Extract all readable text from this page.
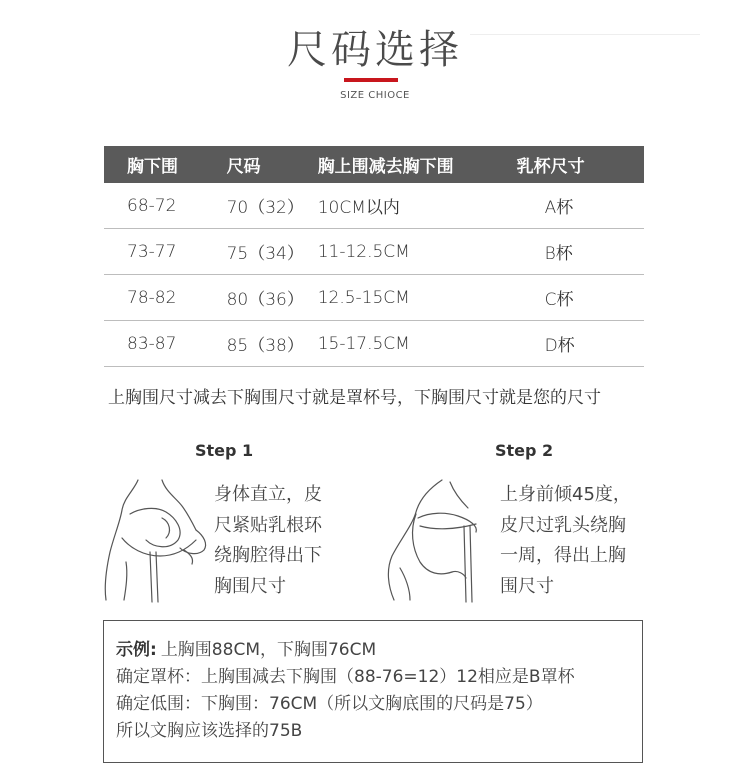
尺码选择
SIZE CHIOCE
胸下围	尺码	胸上围减去胸下围	乳杯尺寸
68-72	70（32）	10CM以内	A杯
73-77	75（34）	11-12.5CM	B杯
78-82	80（36）	12.5-15CM	C杯
83-87	85（38）	15-17.5CM	D杯
上胸围尺寸减去下胸围尺寸就是罩杯号，下胸围尺寸就是您的尺寸
Step 1
身体直立，皮
尺紧贴乳根环
绕胸腔得出下
胸围尺寸
Step 2
上身前倾45度，
皮尺过乳头绕胸
一周，得出上胸
围尺寸
示例: 上胸围88CM，下胸围76CM
确定罩杯：上胸围减去下胸围（88-76=12）12相应是B罩杯
确定低围：下胸围：76CM（所以文胸底围的尺码是75）
所以文胸应该选择的75B
